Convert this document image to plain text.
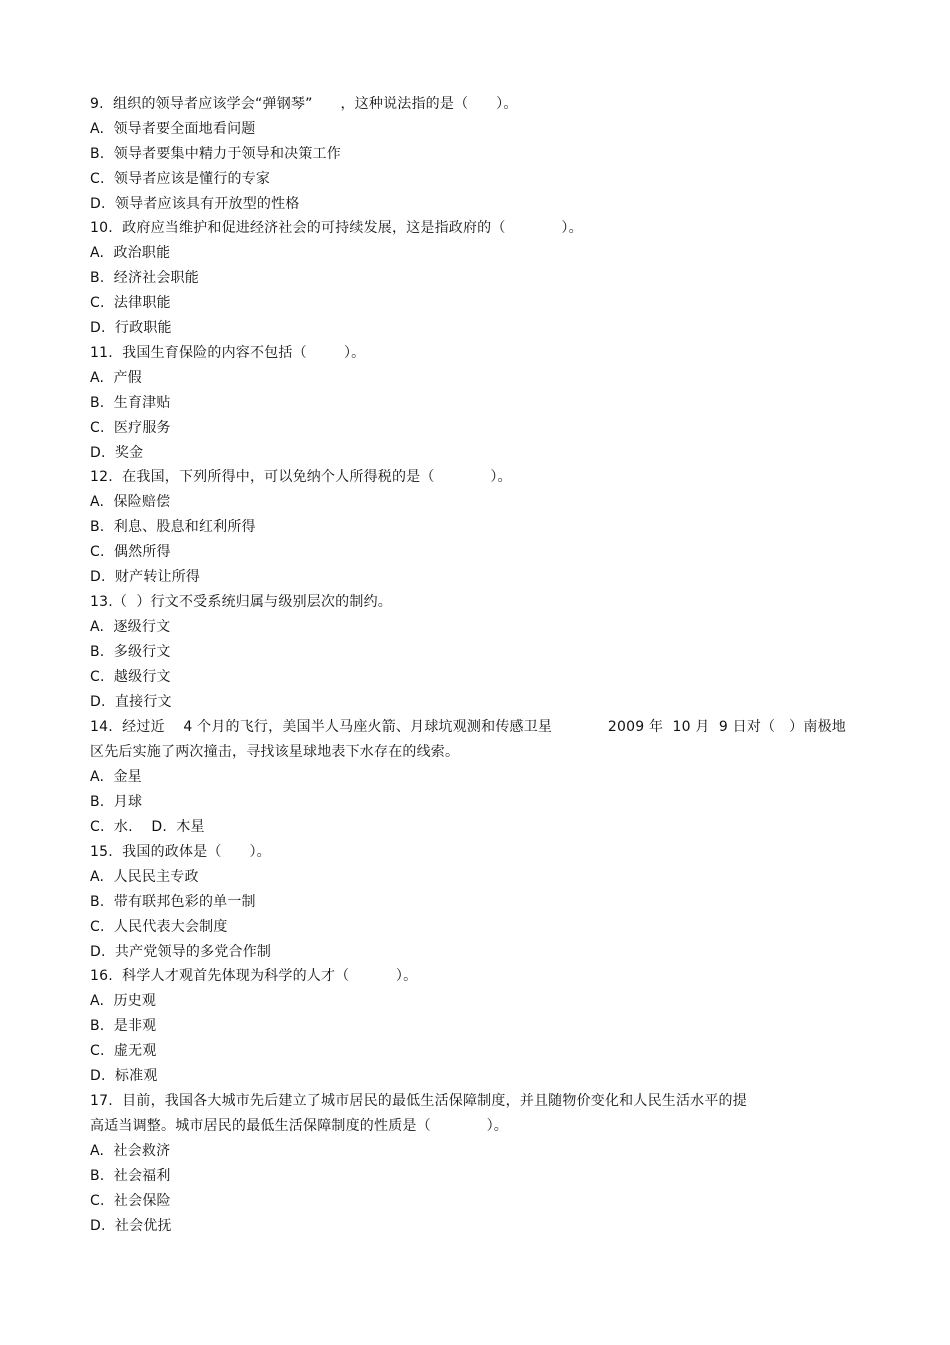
9.  组织的领导者应该学会“弹钢琴”      ，这种说法指的是（      ）。
A.  领导者要全面地看问题
B.  领导者要集中精力于领导和决策工作
C.  领导者应该是懂行的专家
D.  领导者应该具有开放型的性格
10.  政府应当维护和促进经济社会的可持续发展，这是指政府的（            ）。
A.  政治职能
B.  经济社会职能
C.  法律职能
D.  行政职能
11.  我国生育保险的内容不包括（        ）。
A.  产假
B.  生育津贴
C.  医疗服务
D.  奖金
12.  在我国，下列所得中，可以免纳个人所得税的是（            ）。
A.  保险赔偿
B.  利息、股息和红利所得
C.  偶然所得
D.  财产转让所得
13.（  ）行文不受系统归属与级别层次的制约。
A.  逐级行文
B.  多级行文
C.  越级行文
D.  直接行文
14.  经过近    4 个月的飞行，美国半人马座火箭、月球坑观测和传感卫星            2009 年  10 月  9 日对（   ）南极地
区先后实施了两次撞击，寻找该星球地表下水存在的线索。
A.  金星
B.  月球
C.  水.    D.  木星
15.  我国的政体是（      ）。
A.  人民民主专政
B.  带有联邦色彩的单一制
C.  人民代表大会制度
D.  共产党领导的多党合作制
16.  科学人才观首先体现为科学的人才（          ）。
A.  历史观
B.  是非观
C.  虚无观
D.  标准观
17.  目前，我国各大城市先后建立了城市居民的最低生活保障制度，并且随物价变化和人民生活水平的提
高适当调整。城市居民的最低生活保障制度的性质是（            ）。
A.  社会救济
B.  社会福利
C.  社会保险
D.  社会优抚
